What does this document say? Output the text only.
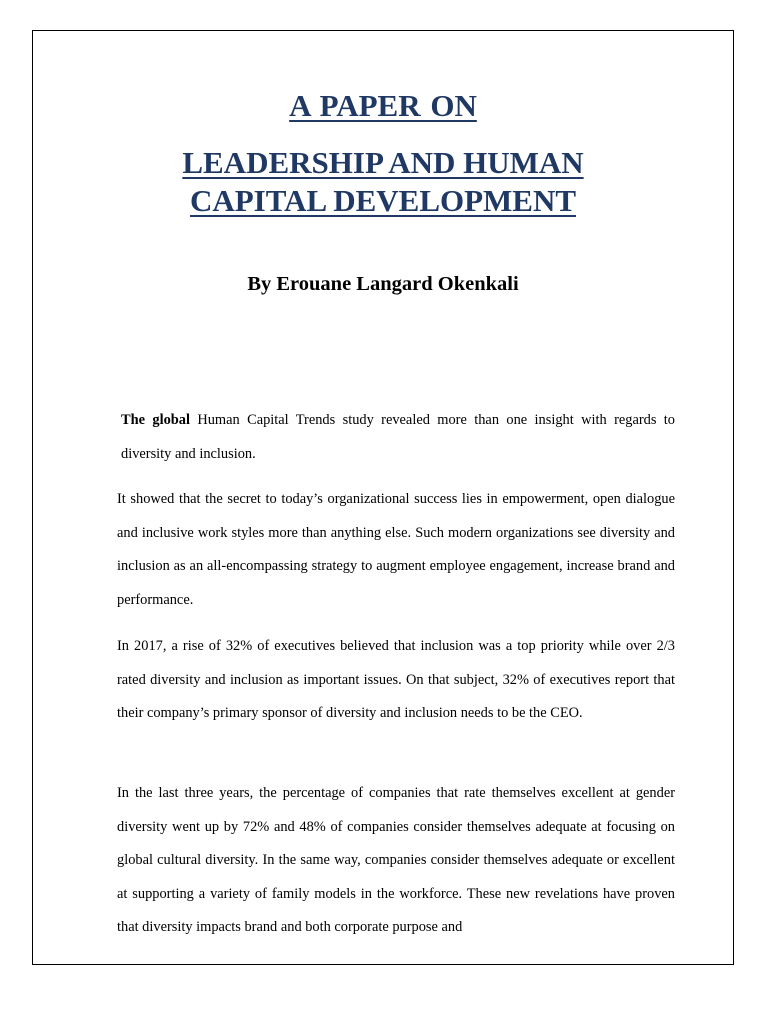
A PAPER ON
LEADERSHIP AND HUMAN
CAPITAL DEVELOPMENT
By Erouane Langard Okenkali

The global Human Capital Trends study revealed more than one insight with regards to diversity and inclusion.

It showed that the secret to today’s organizational success lies in empowerment, open dialogue and inclusive work styles more than anything else. Such modern organizations see diversity and inclusion as an all-encompassing strategy to augment employee engagement, increase brand and performance.

In 2017, a rise of 32% of executives believed that inclusion was a top priority while over 2/3 rated diversity and inclusion as important issues. On that subject, 32% of executives report that their company’s primary sponsor of diversity and inclusion needs to be the CEO.

In the last three years, the percentage of companies that rate themselves excellent at gender diversity went up by 72% and 48% of companies consider themselves adequate at focusing on global cultural diversity. In the same way, companies consider themselves adequate or excellent at supporting a variety of family models in the workforce. These new revelations have proven that diversity impacts brand and both corporate purpose and
